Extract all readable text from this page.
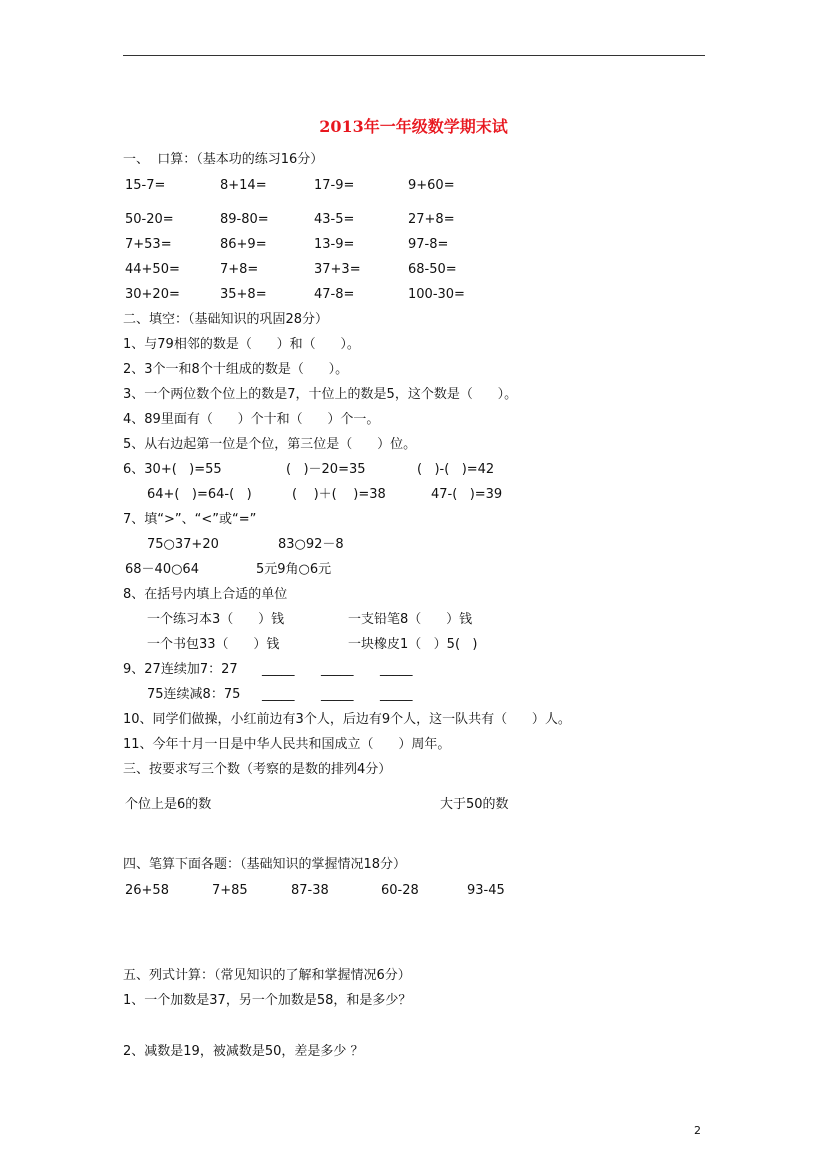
2013年一年级数学期末试
一、  口算：（基本功的练习16分）
15-7=	8+14=	17-9=	9+60=
50-20=	89-80=	43-5=	27+8=
7+53=	86+9=	13-9=	97-8=
44+50=	7+8=	37+3=	68-50=
30+20=	35+8=	47-8=	100-30=
二、填空：（基础知识的巩固28分）
1、与79相邻的数是（      ）和（      ）。
2、3个一和8个十组成的数是（      ）。
3、一个两位数个位上的数是7，十位上的数是5，这个数是（      ）。
4、89里面有（      ）个十和（      ）个一。
5、从右边起第一位是个位，第三位是（      ）位。
6、30+(   )=55	(   )－20=35	(   )-(   )=42
64+(   )=64-(   )	(    )＋(    )=38	47-(   )=39
7、填“>”、“<”或“=”
75○37+20	83○92－8
68－40○64	5元9角○6元
8、在括号内填上合适的单位
一个练习本3（      ）钱	一支铅笔8（      ）钱
一个书包33（      ）钱	一块橡皮1（   ）5(   )
9、27连续加7：27 _____ _____ _____
75连续减8：75 _____ _____ _____
10、同学们做操，小红前边有3个人，后边有9个人，这一队共有（      ）人。
11、今年十月一日是中华人民共和国成立（      ）周年。
三、按要求写三个数（考察的是数的排列4分）
个位上是6的数	大于50的数
四、笔算下面各题：（基础知识的掌握情况18分）
26+58	7+85	87-38	60-28	93-45
五、列式计算：（常见知识的了解和掌握情况6分）
1、一个加数是37，另一个加数是58，和是多少？
2、减数是19，被减数是50，差是多少 ？
2
